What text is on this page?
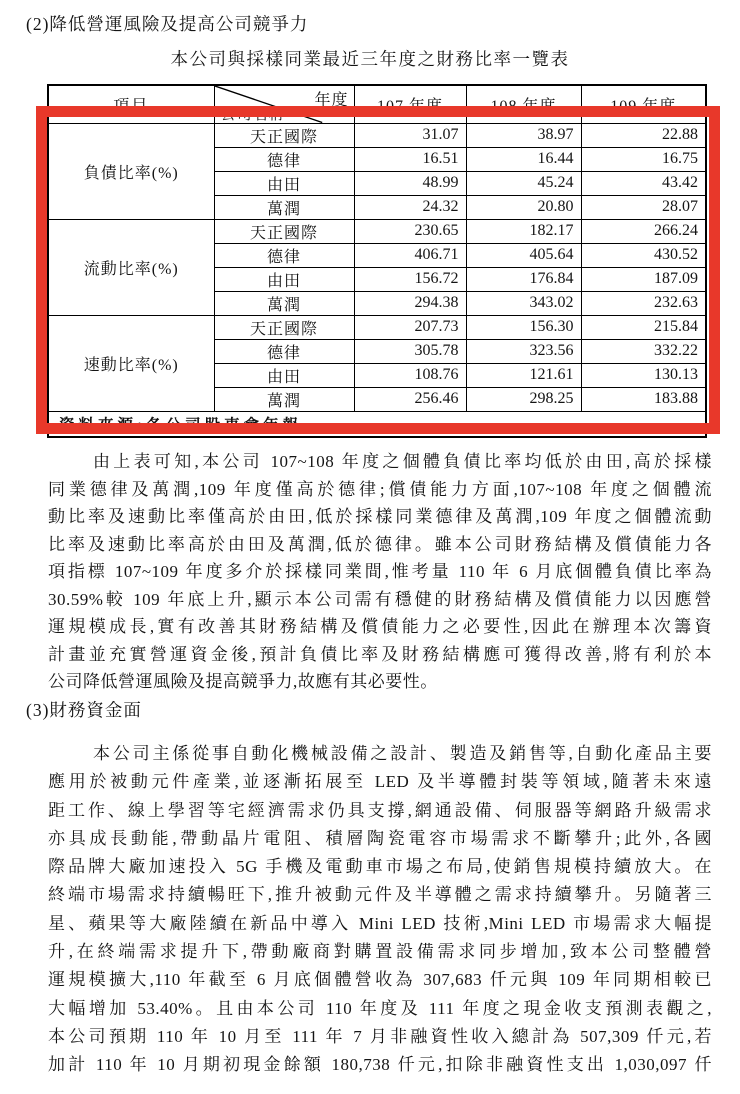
(2)降低營運風險及提高公司競爭力
本公司與採樣同業最近三年度之財務比率一覽表
項目	年度
公司名稱	107 年度	108 年度	109 年度
負債比率(%)	天正國際	31.07	38.97	22.88
	德律	16.51	16.44	16.75
	由田	48.99	45.24	43.42
	萬潤	24.32	20.80	28.07
流動比率(%)	天正國際	230.65	182.17	266.24
	德律	406.71	405.64	430.52
	由田	156.72	176.84	187.09
	萬潤	294.38	343.02	232.63
速動比率(%)	天正國際	207.73	156.30	215.84
	德律	305.78	323.56	332.22
	由田	108.76	121.61	130.13
	萬潤	256.46	298.25	183.88
資料來源:各公司股東會年報				
由上表可知,本公司 107~108 年度之個體負債比率均低於由田,高於採樣
同業德律及萬潤,109 年度僅高於德律;償債能力方面,107~108 年度之個體流
動比率及速動比率僅高於由田,低於採樣同業德律及萬潤,109 年度之個體流動
比率及速動比率高於由田及萬潤,低於德律。雖本公司財務結構及償債能力各
項指標 107~109 年度多介於採樣同業間,惟考量 110 年 6 月底個體負債比率為
30.59%較 109 年底上升,顯示本公司需有穩健的財務結構及償債能力以因應營
運規模成長,實有改善其財務結構及償債能力之必要性,因此在辦理本次籌資
計畫並充實營運資金後,預計負債比率及財務結構應可獲得改善,將有利於本
公司降低營運風險及提高競爭力,故應有其必要性。
(3)財務資金面
本公司主係從事自動化機械設備之設計、製造及銷售等,自動化產品主要
應用於被動元件產業,並逐漸拓展至 LED 及半導體封裝等領域,隨著未來遠
距工作、線上學習等宅經濟需求仍具支撐,網通設備、伺服器等網路升級需求
亦具成長動能,帶動晶片電阻、積層陶瓷電容市場需求不斷攀升;此外,各國
際品牌大廠加速投入 5G 手機及電動車市場之布局,使銷售規模持續放大。在
終端市場需求持續暢旺下,推升被動元件及半導體之需求持續攀升。另隨著三
星、蘋果等大廠陸續在新品中導入 Mini LED 技術,Mini LED 市場需求大幅提
升,在終端需求提升下,帶動廠商對購置設備需求同步增加,致本公司整體營
運規模擴大,110 年截至 6 月底個體營收為 307,683 仟元與 109 年同期相較已
大幅增加 53.40%。且由本公司 110 年度及 111 年度之現金收支預測表觀之,
本公司預期 110 年 10 月至 111 年 7 月非融資性收入總計為 507,309 仟元,若
加計 110 年 10 月期初現金餘額 180,738 仟元,扣除非融資性支出 1,030,097 仟
